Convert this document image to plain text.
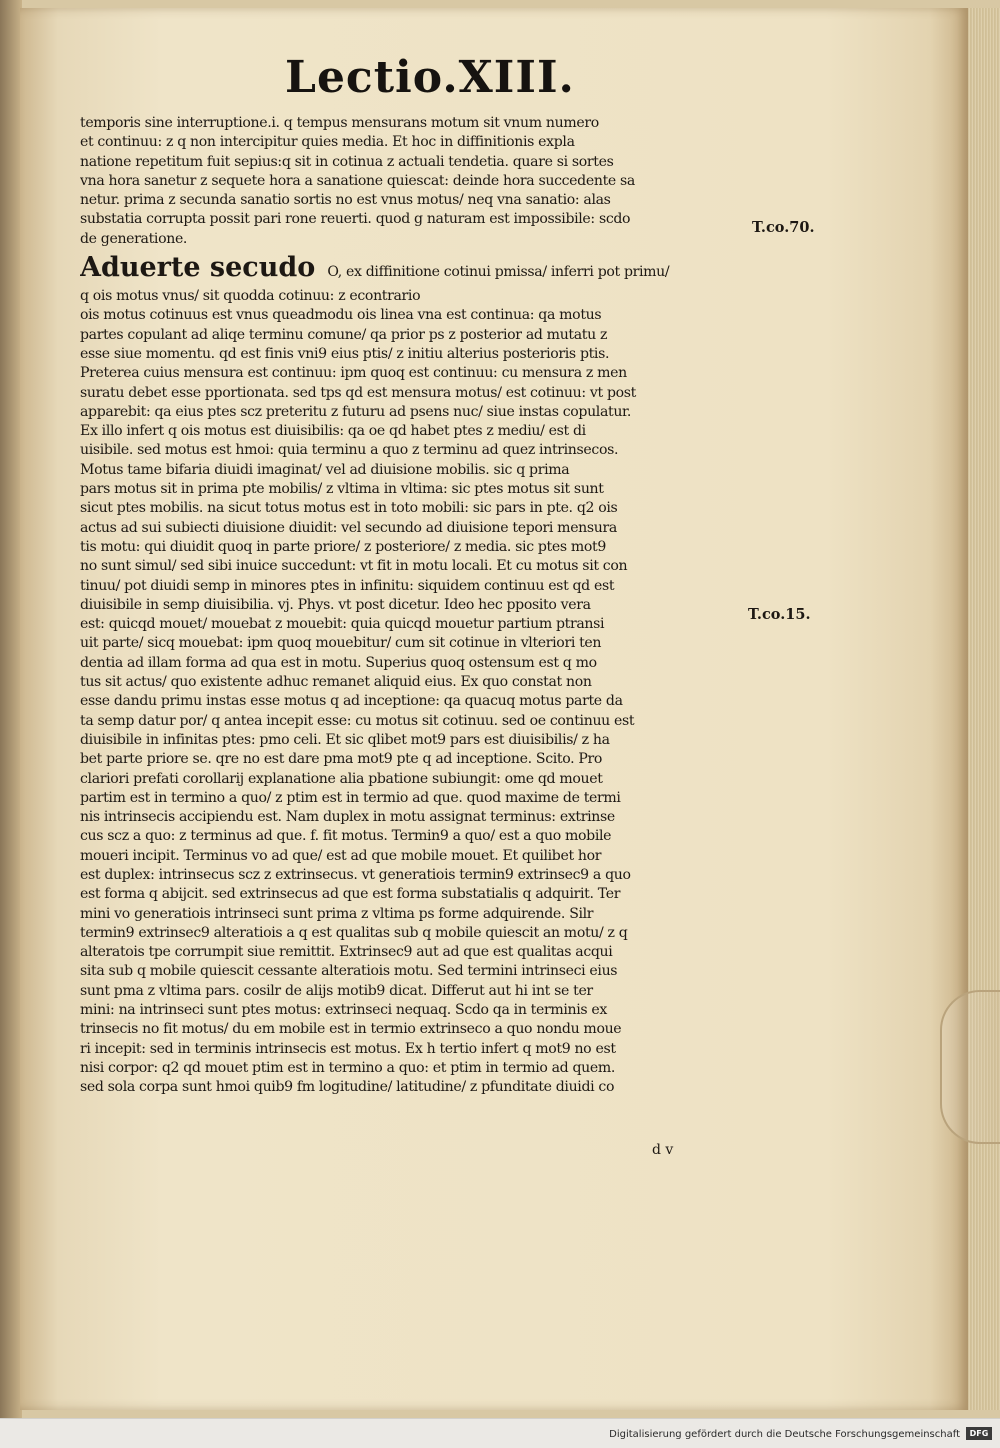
Lectio.XIII.
temporis sine interruptione.i. q tempus mensurans motum sit vnum numero
et continuu: z q non intercipitur quies media. Et hoc in diffinitionis expla
natione repetitum fuit sepius:q sit in cotinua z actuali tendetia. quare si sortes
vna hora sanetur z sequete hora a sanatione quiescat: deinde hora succedente sa
netur. prima z secunda sanatio sortis no est vnus motus/ neq vna sanatio: alas
substatia corrupta possit pari rone reuerti. quod g naturam est impossibile: scdo
de generatione.
Aduerte secudo O, ex diffinitione cotinui pmissa/ inferri pot primu/
q ois motus vnus/ sit quodda cotinuu: z econtrario
ois motus cotinuus est vnus queadmodu ois linea vna est continua: qa motus
partes copulant ad aliqe terminu comune/ qa prior ps z posterior ad mutatu z
esse siue momentu. qd est finis vni9 eius ptis/ z initiu alterius posterioris ptis.
Preterea cuius mensura est continuu: ipm quoq est continuu: cu mensura z men
suratu debet esse pportionata. sed tps qd est mensura motus/ est cotinuu: vt post
apparebit: qa eius ptes scz preteritu z futuru ad psens nuc/ siue instas copulatur.
Ex illo infert q ois motus est diuisibilis: qa oe qd habet ptes z mediu/ est di
uisibile. sed motus est hmoi: quia terminu a quo z terminu ad quez intrinsecos.
Motus tame bifaria diuidi imaginat/ vel ad diuisione mobilis. sic q prima
pars motus sit in prima pte mobilis/ z vltima in vltima: sic ptes motus sit sunt
sicut ptes mobilis. na sicut totus motus est in toto mobili: sic pars in pte. q2 ois
actus ad sui subiecti diuisione diuidit: vel secundo ad diuisione tepori mensura
tis motu: qui diuidit quoq in parte priore/ z posteriore/ z media. sic ptes mot9
no sunt simul/ sed sibi inuice succedunt: vt fit in motu locali. Et cu motus sit con
tinuu/ pot diuidi semp in minores ptes in infinitu: siquidem continuu est qd est
diuisibile in semp diuisibilia. vj. Phys. vt post dicetur. Ideo hec pposito vera
est: quicqd mouet/ mouebat z mouebit: quia quicqd mouetur partium ptransi
uit parte/ sicq mouebat: ipm quoq mouebitur/ cum sit cotinue in vlteriori ten
dentia ad illam forma ad qua est in motu. Superius quoq ostensum est q mo
tus sit actus/ quo existente adhuc remanet aliquid eius. Ex quo constat non
esse dandu primu instas esse motus q ad inceptione: qa quacuq motus parte da
ta semp datur por/ q antea incepit esse: cu motus sit cotinuu. sed oe continuu est
diuisibile in infinitas ptes: pmo celi. Et sic qlibet mot9 pars est diuisibilis/ z ha
bet parte priore se. qre no est dare pma mot9 pte q ad inceptione. Scito. Pro
clariori prefati corollarij explanatione alia pbatione subiungit: ome qd mouet
partim est in termino a quo/ z ptim est in termio ad que. quod maxime de termi
nis intrinsecis accipiendu est. Nam duplex in motu assignat terminus: extrinse
cus scz a quo: z terminus ad que. f. fit motus. Termin9 a quo/ est a quo mobile
moueri incipit. Terminus vo ad que/ est ad que mobile mouet. Et quilibet hor
est duplex: intrinsecus scz z extrinsecus. vt generatiois termin9 extrinsec9 a quo
est forma q abijcit. sed extrinsecus ad que est forma substatialis q adquirit. Ter
mini vo generatiois intrinseci sunt prima z vltima ps forme adquirende. Silr
termin9 extrinsec9 alteratiois a q est qualitas sub q mobile quiescit an motu/ z q
alteratois tpe corrumpit siue remittit. Extrinsec9 aut ad que est qualitas acqui
sita sub q mobile quiescit cessante alteratiois motu. Sed termini intrinseci eius
sunt pma z vltima pars. cosilr de alijs motib9 dicat. Differut aut hi int se ter
mini: na intrinseci sunt ptes motus: extrinseci nequaq. Scdo qa in terminis ex
trinsecis no fit motus/ du em mobile est in termio extrinseco a quo nondu moue
ri incepit: sed in terminis intrinsecis est motus. Ex h tertio infert q mot9 no est
nisi corpor: q2 qd mouet ptim est in termino a quo: et ptim in termio ad quem.
sed sola corpa sunt hmoi quib9 fm logitudine/ latitudine/ z pfunditate diuidi co
T.co.70.
T.co.15.
d v
Digitalisierung gefördert durch die Deutsche Forschungsgemeinschaft	DFG
